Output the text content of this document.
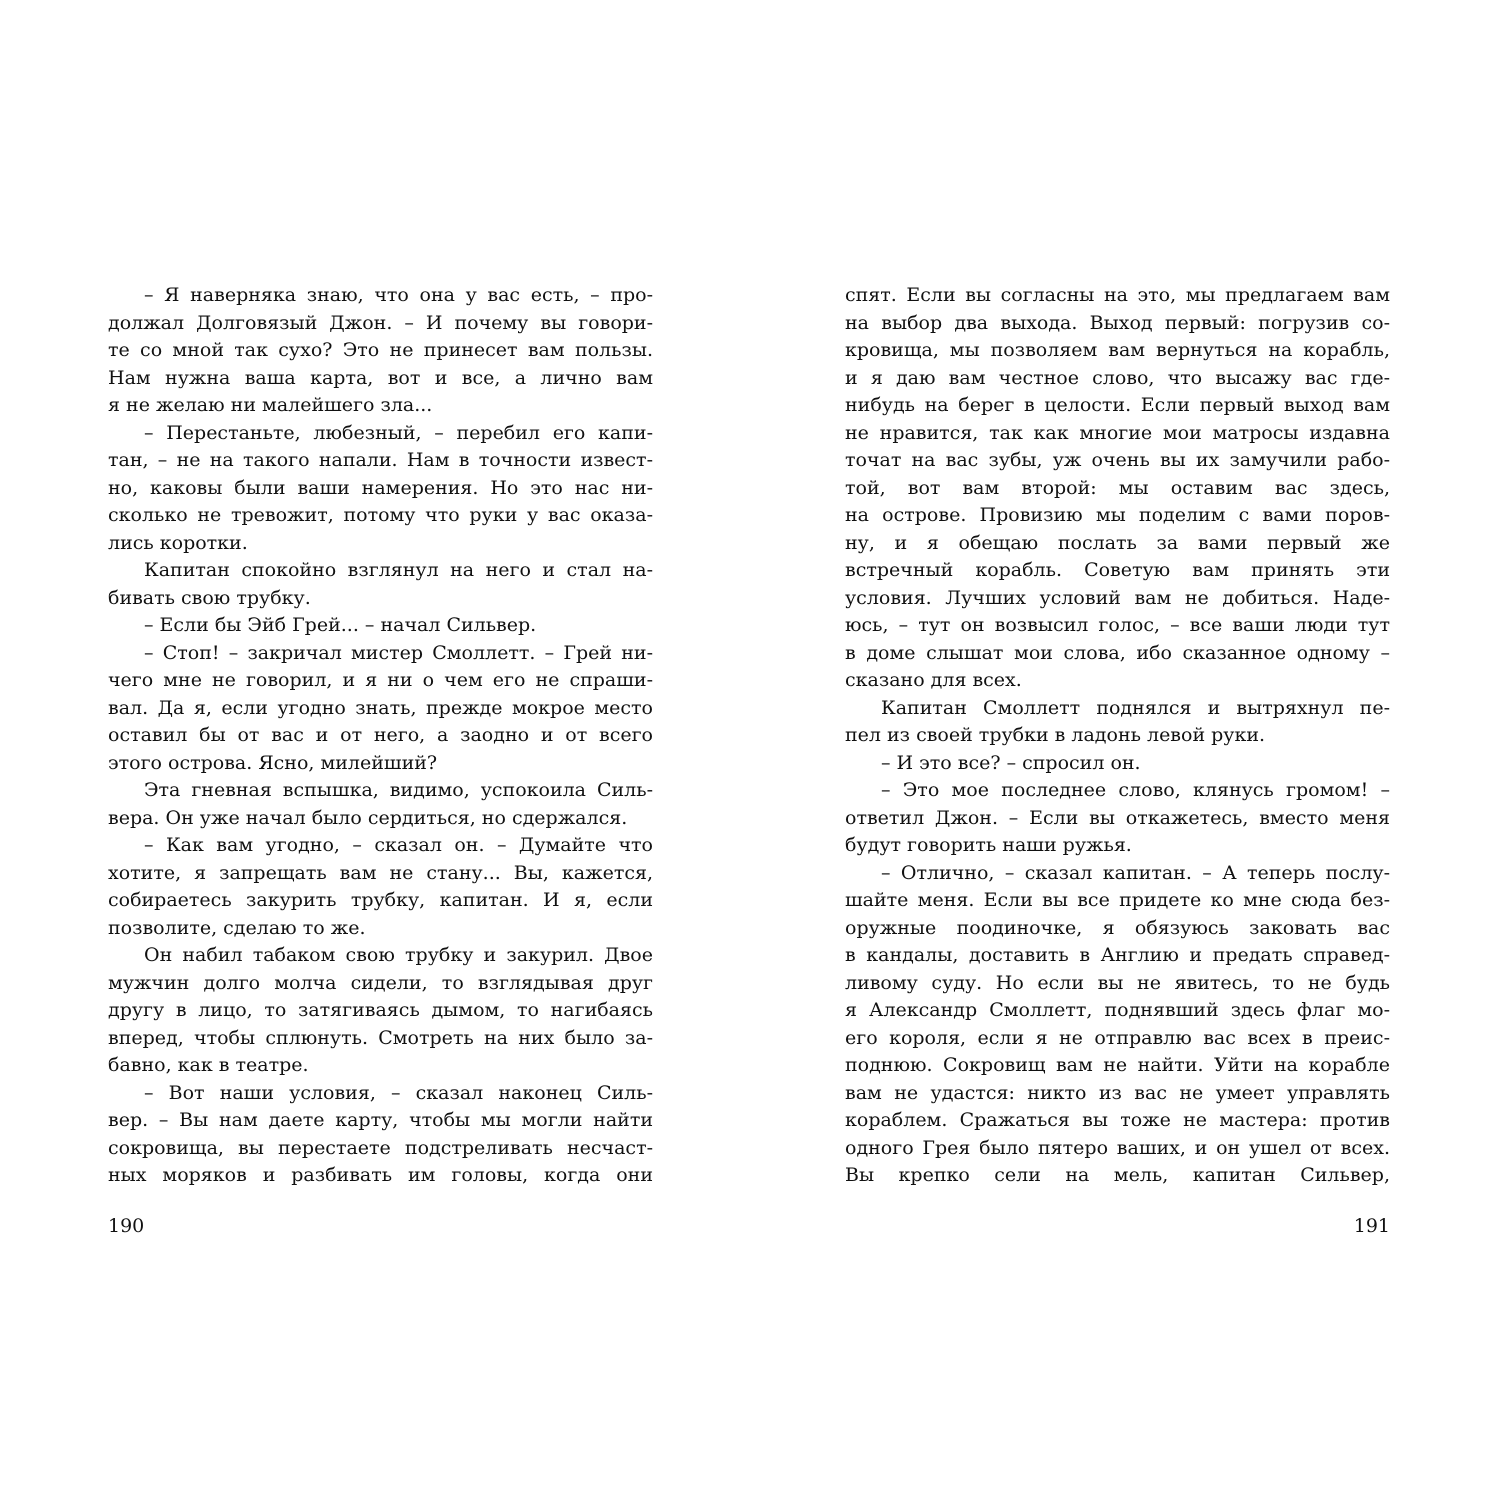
– Я наверняка знаю, что она у вас есть, – про-
должал Долговязый Джон. – И почему вы говори-
те со мной так сухо? Это не принесет вам пользы.
Нам нужна ваша карта, вот и все, а лично вам
я не желаю ни малейшего зла...
– Перестаньте, любезный, – перебил его капи-
тан, – не на такого напали. Нам в точности извест-
но, каковы были ваши намерения. Но это нас ни-
сколько не тревожит, потому что руки у вас оказа-
лись коротки.
Капитан спокойно взглянул на него и стал на-
бивать свою трубку.
– Если бы Эйб Грей... – начал Сильвер.
– Стоп! – закричал мистер Смоллетт. – Грей ни-
чего мне не говорил, и я ни о чем его не спраши-
вал. Да я, если угодно знать, прежде мокрое место
оставил бы от вас и от него, а заодно и от всего
этого острова. Ясно, милейший?
Эта гневная вспышка, видимо, успокоила Силь-
вера. Он уже начал было сердиться, но сдержался.
– Как вам угодно, – сказал он. – Думайте что
хотите, я запрещать вам не стану... Вы, кажется,
собираетесь закурить трубку, капитан. И я, если
позволите, сделаю то же.
Он набил табаком свою трубку и закурил. Двое
мужчин долго молча сидели, то взглядывая друг
другу в лицо, то затягиваясь дымом, то нагибаясь
вперед, чтобы сплюнуть. Смотреть на них было за-
бавно, как в театре.
– Вот наши условия, – сказал наконец Силь-
вер. – Вы нам даете карту, чтобы мы могли найти
сокровища, вы перестаете подстреливать несчаст-
ных моряков и разбивать им головы, когда они
спят. Если вы согласны на это, мы предлагаем вам
на выбор два выхода. Выход первый: погрузив со-
кровища, мы позволяем вам вернуться на корабль,
и я даю вам честное слово, что высажу вас где-
нибудь на берег в целости. Если первый выход вам
не нравится, так как многие мои матросы издавна
точат на вас зубы, уж очень вы их замучили рабо-
той, вот вам второй: мы оставим вас здесь,
на острове. Провизию мы поделим с вами поров-
ну, и я обещаю послать за вами первый же
встречный корабль. Советую вам принять эти
условия. Лучших условий вам не добиться. Наде-
юсь, – тут он возвысил голос, – все ваши люди тут
в доме слышат мои слова, ибо сказанное одному –
сказано для всех.
Капитан Смоллетт поднялся и вытряхнул пе-
пел из своей трубки в ладонь левой руки.
– И это все? – спросил он.
– Это мое последнее слово, клянусь громом! –
ответил Джон. – Если вы откажетесь, вместо меня
будут говорить наши ружья.
– Отлично, – сказал капитан. – А теперь послу-
шайте меня. Если вы все придете ко мне сюда без-
оружные поодиночке, я обязуюсь заковать вас
в кандалы, доставить в Англию и предать справед-
ливому суду. Но если вы не явитесь, то не будь
я Александр Смоллетт, поднявший здесь флаг мо-
его короля, если я не отправлю вас всех в преис-
поднюю. Сокровищ вам не найти. Уйти на корабле
вам не удастся: никто из вас не умеет управлять
кораблем. Сражаться вы тоже не мастера: против
одного Грея было пятеро ваших, и он ушел от всех.
Вы крепко сели на мель, капитан Сильвер,
190	191
